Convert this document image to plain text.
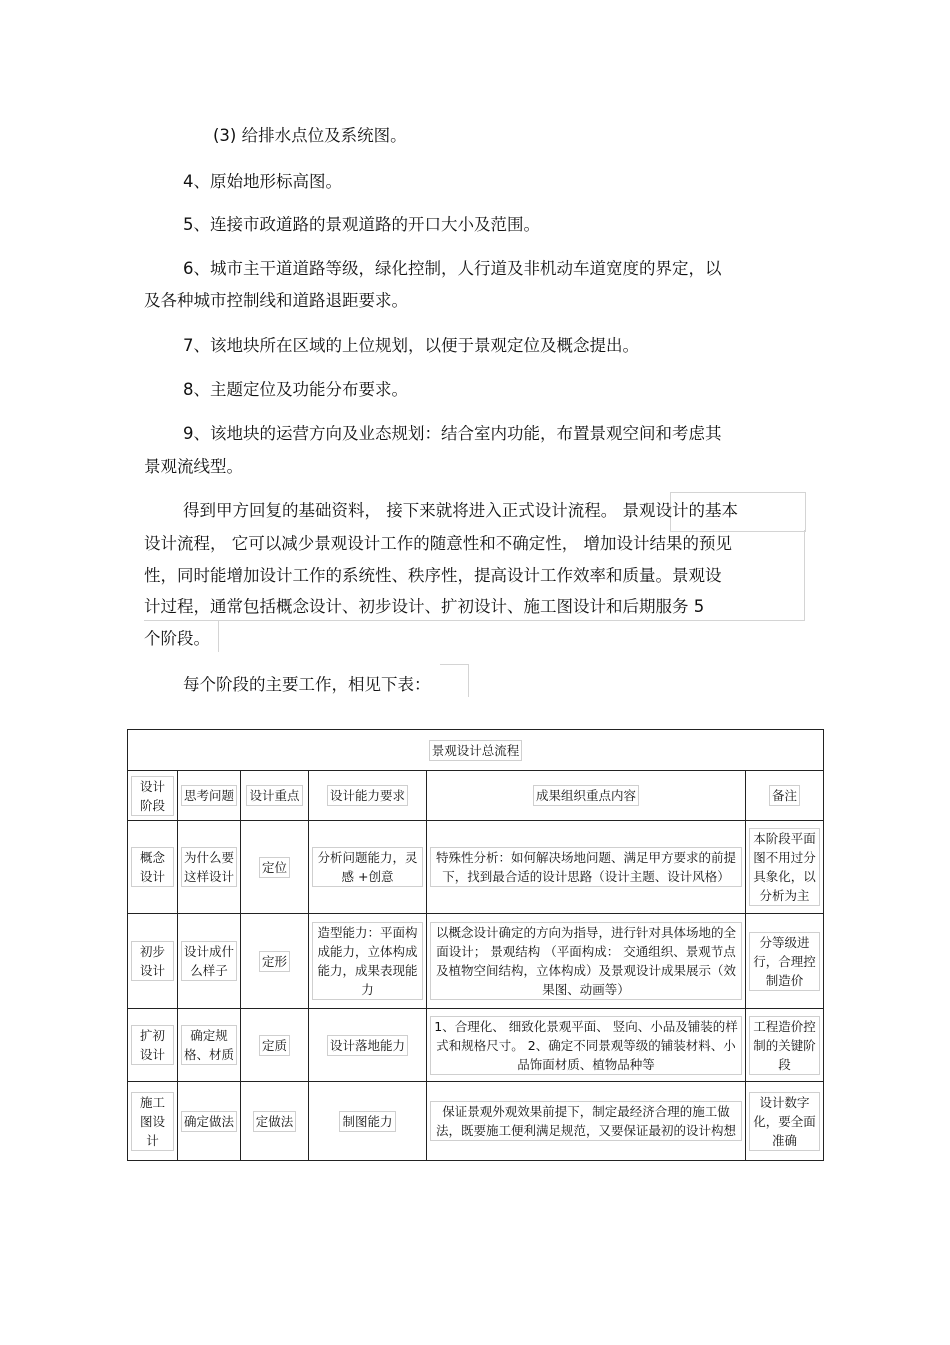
(3) 给排水点位及系统图。
4、原始地形标高图。
5、连接市政道路的景观道路的开口大小及范围。
6、城市主干道道路等级，绿化控制，人行道及非机动车道宽度的界定，以
及各种城市控制线和道路退距要求。
7、该地块所在区域的上位规划，以便于景观定位及概念提出。
8、主题定位及功能分布要求。
9、该地块的运营方向及业态规划：结合室内功能，布置景观空间和考虑其
景观流线型。
得到甲方回复的基础资料， 接下来就将进入正式设计流程。 景观设计的基本
设计流程， 它可以减少景观设计工作的随意性和不确定性， 增加设计结果的预见
性，同时能增加设计工作的系统性、秩序性，提高设计工作效率和质量。景观设
计过程，通常包括概念设计、初步设计、扩初设计、施工图设计和后期服务 5
个阶段。
每个阶段的主要工作，相见下表：
景观设计总流程					
设计阶段	思考问题	设计重点	设计能力要求	成果组织重点内容	备注
概念设计	为什么要这样设计	定位	分析问题能力，灵感 +创意	特殊性分析：如何解决场地问题、满足甲方要求的前提下，找到最合适的设计思路（设计主题、设计风格）	本阶段平面图不用过分具象化，以分析为主
初步设计	设计成什么样子	定形	造型能力：平面构成能力，立体构成能力，成果表现能力	以概念设计确定的方向为指导，进行针对具体场地的全面设计； 景观结构 （平面构成： 交通组织、景观节点及植物空间结构，立体构成）及景观设计成果展示（效果图、动画等）	分等级进行，合理控制造价
扩初设计	确定规格、材质	定质	设计落地能力	1、合理化、 细致化景观平面、 竖向、小品及铺装的样式和规格尺寸。 2、确定不同景观等级的铺装材料、小品饰面材质、植物品种等	工程造价控制的关键阶段
施工图设计	确定做法	定做法	制图能力	保证景观外观效果前提下，制定最经济合理的施工做法，既要施工便利满足规范，又要保证最初的设计构想	设计数字化，要全面准确
